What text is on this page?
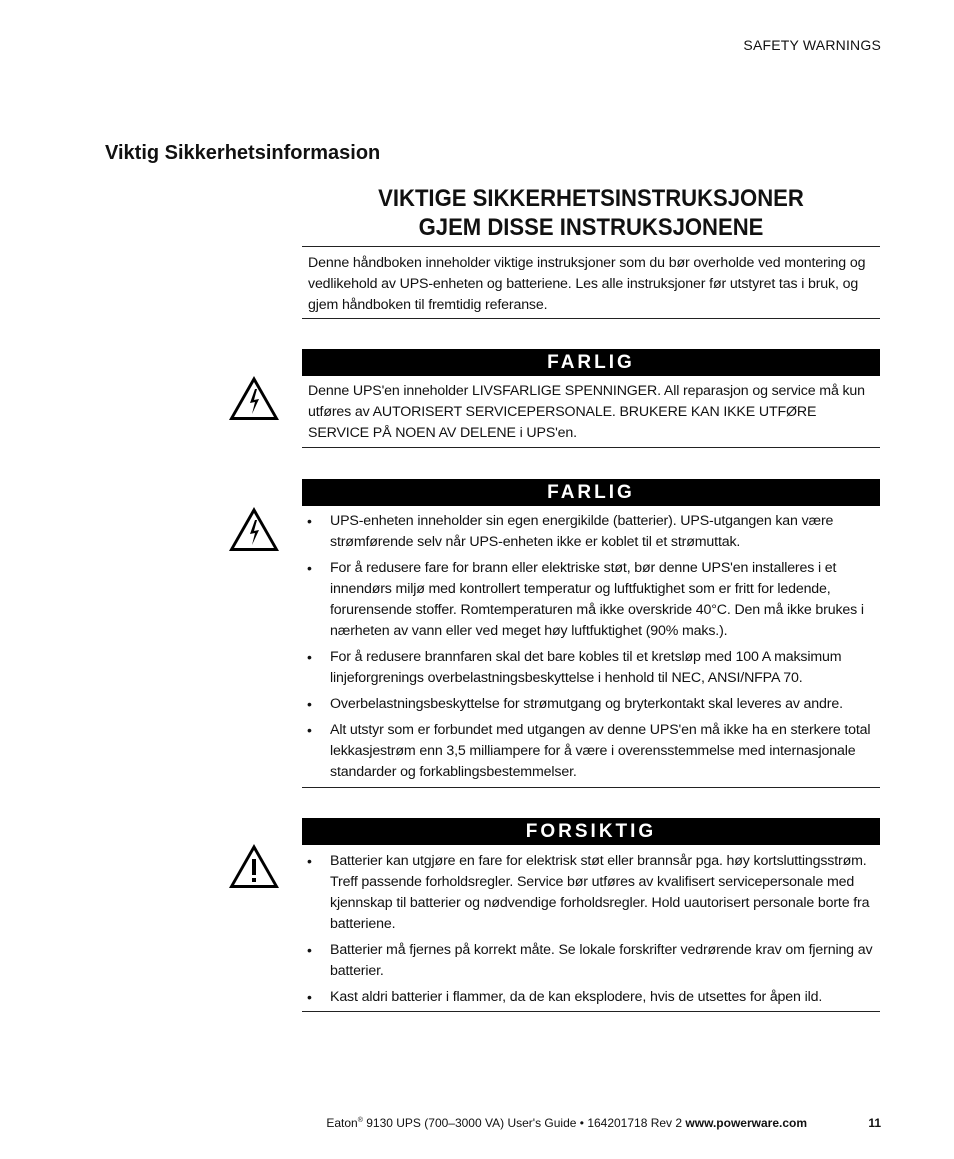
SAFETY WARNINGS
Viktig Sikkerhetsinformasion
VIKTIGE SIKKERHETSINSTRUKSJONER
GJEM DISSE INSTRUKSJONENE
Denne håndboken inneholder viktige instruksjoner som du bør overholde ved montering og vedlikehold av UPS-enheten og batteriene. Les alle instruksjoner før utstyret tas i bruk, og gjem håndboken til fremtidig referanse.
FARLIG
Denne UPS'en inneholder LIVSFARLIGE SPENNINGER. All reparasjon og service må kun utføres av AUTORISERT SERVICEPERSONALE. BRUKERE KAN IKKE UTFØRE SERVICE PÅ NOEN AV DELENE i UPS'en.
FARLIG
• UPS-enheten inneholder sin egen energikilde (batterier). UPS-utgangen kan være strømførende selv når UPS-enheten ikke er koblet til et strømuttak.
• For å redusere fare for brann eller elektriske støt, bør denne UPS'en installeres i et innendørs miljø med kontrollert temperatur og luftfuktighet som er fritt for ledende, forurensende stoffer. Romtemperaturen må ikke overskride 40°C. Den må ikke brukes i nærheten av vann eller ved meget høy luftfuktighet (90% maks.).
• For å redusere brannfaren skal det bare kobles til et kretsløp med 100 A maksimum linjeforgrenings overbelastningsbeskyttelse i henhold til NEC, ANSI/NFPA 70.
• Overbelastningsbeskyttelse for strømutgang og bryterkontakt skal leveres av andre.
• Alt utstyr som er forbundet med utgangen av denne UPS'en må ikke ha en sterkere total lekkasjestrøm enn 3,5 milliampere for å være i overensstemmelse med internasjonale standarder og forkablingsbestemmelser.
FORSIKTIG
• Batterier kan utgjøre en fare for elektrisk støt eller brannsår pga. høy kortsluttingsstrøm. Treff passende forholdsregler. Service bør utføres av kvalifisert servicepersonale med kjennskap til batterier og nødvendige forholdsregler. Hold uautorisert personale borte fra batteriene.
• Batterier må fjernes på korrekt måte. Se lokale forskrifter vedrørende krav om fjerning av batterier.
• Kast aldri batterier i flammer, da de kan eksplodere, hvis de utsettes for åpen ild.
Eaton® 9130 UPS (700–3000 VA) User's Guide • 164201718 Rev 2 www.powerware.com	11
